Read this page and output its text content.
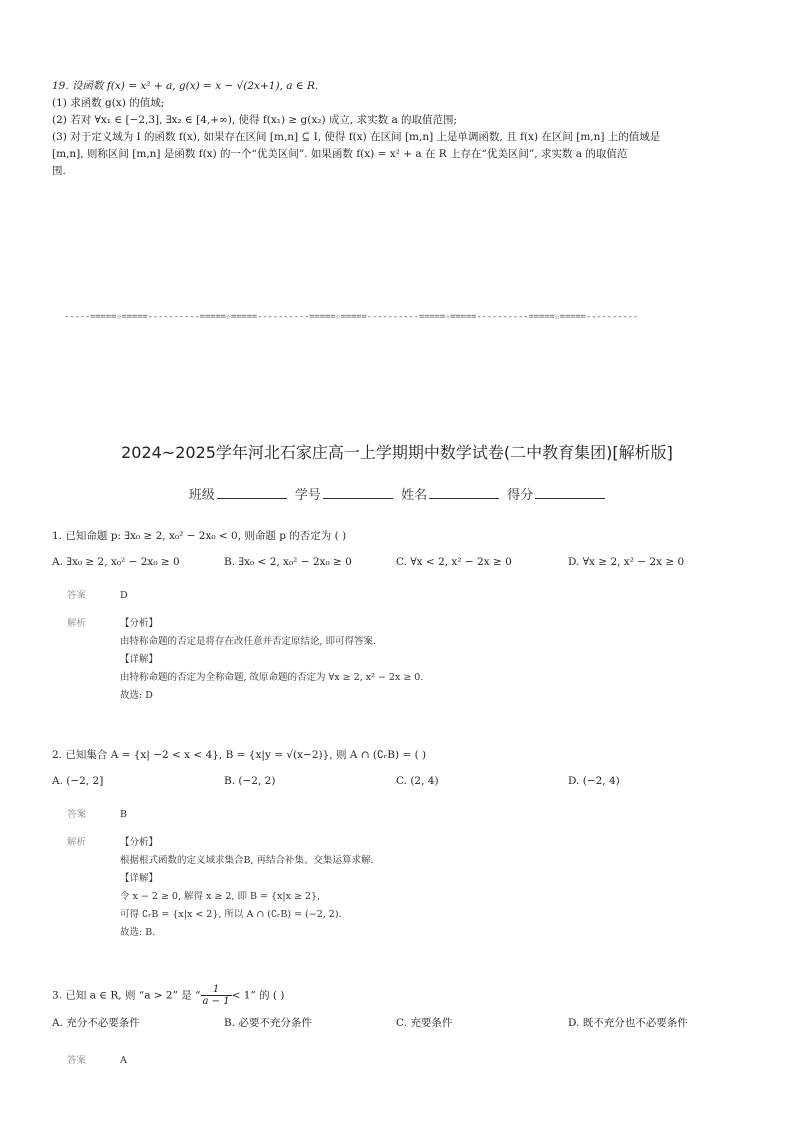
19. 设函数 f(x) = x² + a, g(x) = x − √(2x+1), a ∈ R.

(1) 求函数 g(x) 的值域;

(2) 若对 ∀x₁ ∈ [−2,3], ∃x₂ ∈ [4,+∞), 使得 f(x₁) ≥ g(x₂) 成立, 求实数 a 的取值范围;

(3) 对于定义域为 I 的函数 f(x), 如果存在区间 [m,n] ⊆ I, 使得 f(x) 在区间 [m,n] 上是单调函数, 且 f(x) 在区间 [m,n] 上的值域是

[m,n], 则称区间 [m,n] 是函数 f(x) 的一个“优美区间”. 如果函数 f(x) = x² + a 在 R 上存在“优美区间”, 求实数 a 的取值范

围.

-----=====☆=====----------=====☆=====----------=====☆=====----------=====☆=====----------=====☆=====----------
2024~2025学年河北石家庄高一上学期期中数学试卷(二中教育集团)[解析版]
班级	学号	姓名	得分

1. 已知命题 p: ∃x₀ ≥ 2, x₀² − 2x₀ < 0, 则命题 p 的否定为 ( )

A. ∃x₀ ≥ 2, x₀² − 2x₀ ≥ 0	B. ∃x₀ < 2, x₀² − 2x₀ ≥ 0	C. ∀x < 2, x² − 2x ≥ 0	D. ∀x ≥ 2, x² − 2x ≥ 0
答案	D
解析	【分析】
由特称命题的否定是将存在改任意并否定原结论, 即可得答案.
【详解】
由特称命题的否定为全称命题, 故原命题的否定为 ∀x ≥ 2, x² − 2x ≥ 0.
故选: D

2. 已知集合 A = {x| −2 < x < 4}, B = {x|y = √(x−2)}, 则 A ∩ (∁ᵣB) = ( )

A. (−2, 2]	B. (−2, 2)	C. (2, 4)	D. (−2, 4)
答案	B
解析	【分析】
根据根式函数的定义域求集合B, 再结合补集、交集运算求解.
【详解】
令 x − 2 ≥ 0, 解得 x ≥ 2, 即 B = {x|x ≥ 2},
可得 ∁ᵣB = {x|x < 2}, 所以 A ∩ (∁ᵣB) = (−2, 2).
故选: B.

3. 已知 a ∈ R, 则 “a > 2” 是 “ $\frac{1}{a - 1} < 1$” 的 ( )

A. 充分不必要条件	B. 必要不充分条件	C. 充要条件	D. 既不充分也不必要条件
答案	A
